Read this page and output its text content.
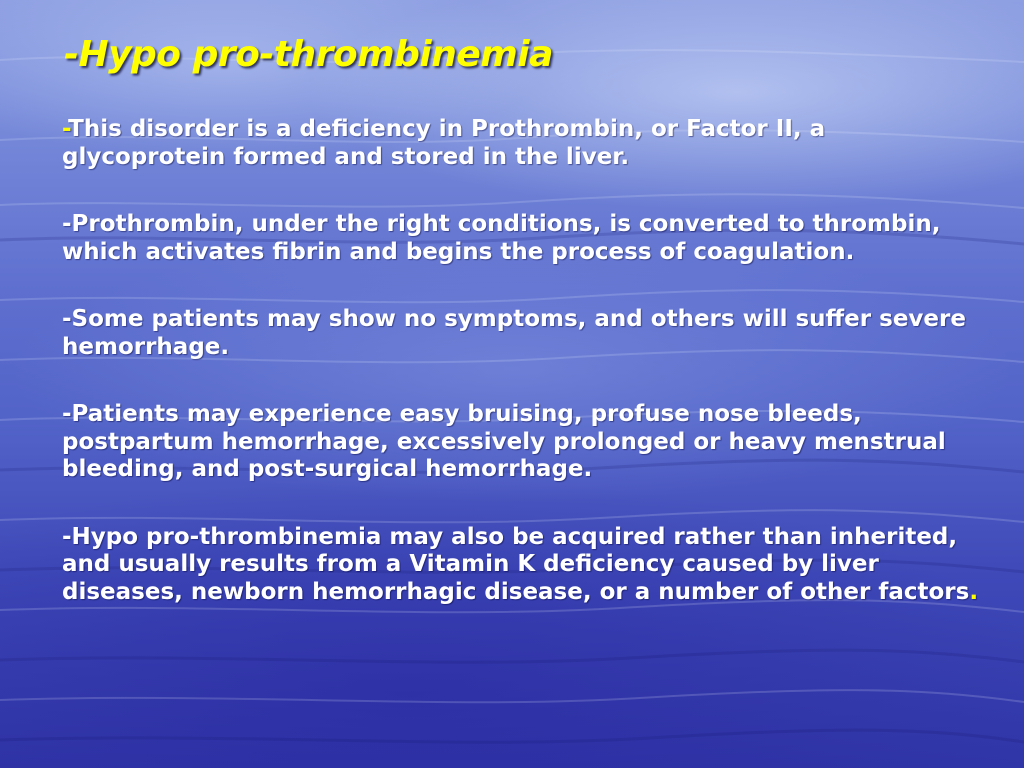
-Hypo pro-thrombinemia

-This disorder is a deficiency in Prothrombin, or Factor II, a glycoprotein formed and stored in the liver.

-Prothrombin, under the right conditions, is converted to thrombin, which activates fibrin and begins the process of coagulation.

-Some patients may show no symptoms, and others will suffer severe hemorrhage.

-Patients may experience easy bruising, profuse nose bleeds, postpartum hemorrhage, excessively prolonged or heavy menstrual bleeding, and post-surgical hemorrhage.

-Hypo pro-thrombinemia may also be acquired rather than inherited, and usually results from a Vitamin K deficiency caused by liver diseases, newborn hemorrhagic disease, or a number of other factors.
